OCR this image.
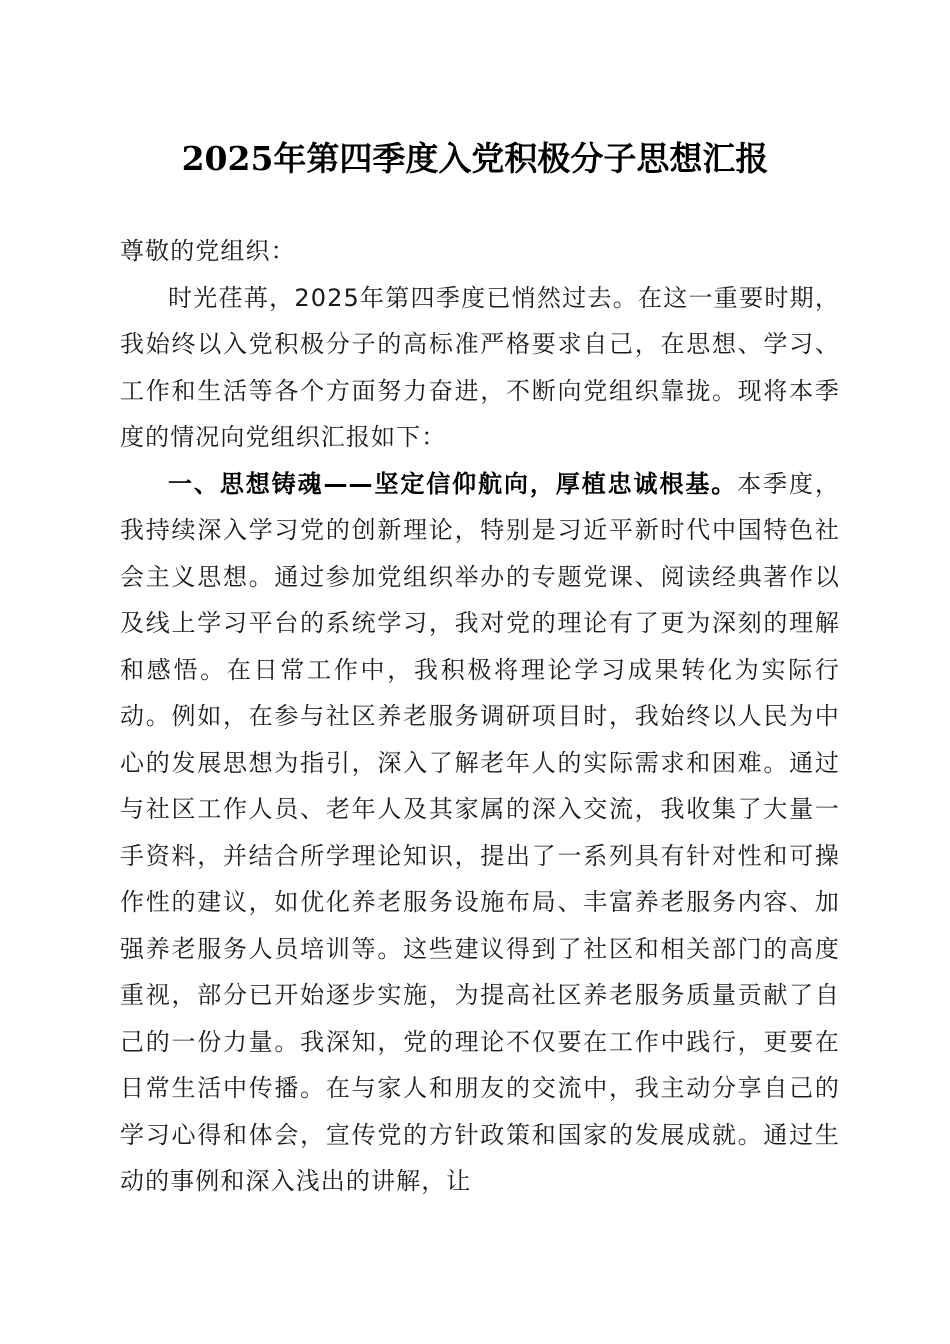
2025年第四季度入党积极分子思想汇报

尊敬的党组织：

时光荏苒，2025年第四季度已悄然过去。在这一重要时期，我始终以入党积极分子的高标准严格要求自己，在思想、学习、工作和生活等各个方面努力奋进，不断向党组织靠拢。现将本季度的情况向党组织汇报如下：

一、思想铸魂——坚定信仰航向，厚植忠诚根基。本季度，我持续深入学习党的创新理论，特别是习近平新时代中国特色社会主义思想。通过参加党组织举办的专题党课、阅读经典著作以及线上学习平台的系统学习，我对党的理论有了更为深刻的理解和感悟。在日常工作中，我积极将理论学习成果转化为实际行动。例如，在参与社区养老服务调研项目时，我始终以人民为中心的发展思想为指引，深入了解老年人的实际需求和困难。通过与社区工作人员、老年人及其家属的深入交流，我收集了大量一手资料，并结合所学理论知识，提出了一系列具有针对性和可操作性的建议，如优化养老服务设施布局、丰富养老服务内容、加强养老服务人员培训等。这些建议得到了社区和相关部门的高度重视，部分已开始逐步实施，为提高社区养老服务质量贡献了自己的一份力量。我深知，党的理论不仅要在工作中践行，更要在日常生活中传播。在与家人和朋友的交流中，我主动分享自己的学习心得和体会，宣传党的方针政策和国家的发展成就。通过生动的事例和深入浅出的讲解，让
